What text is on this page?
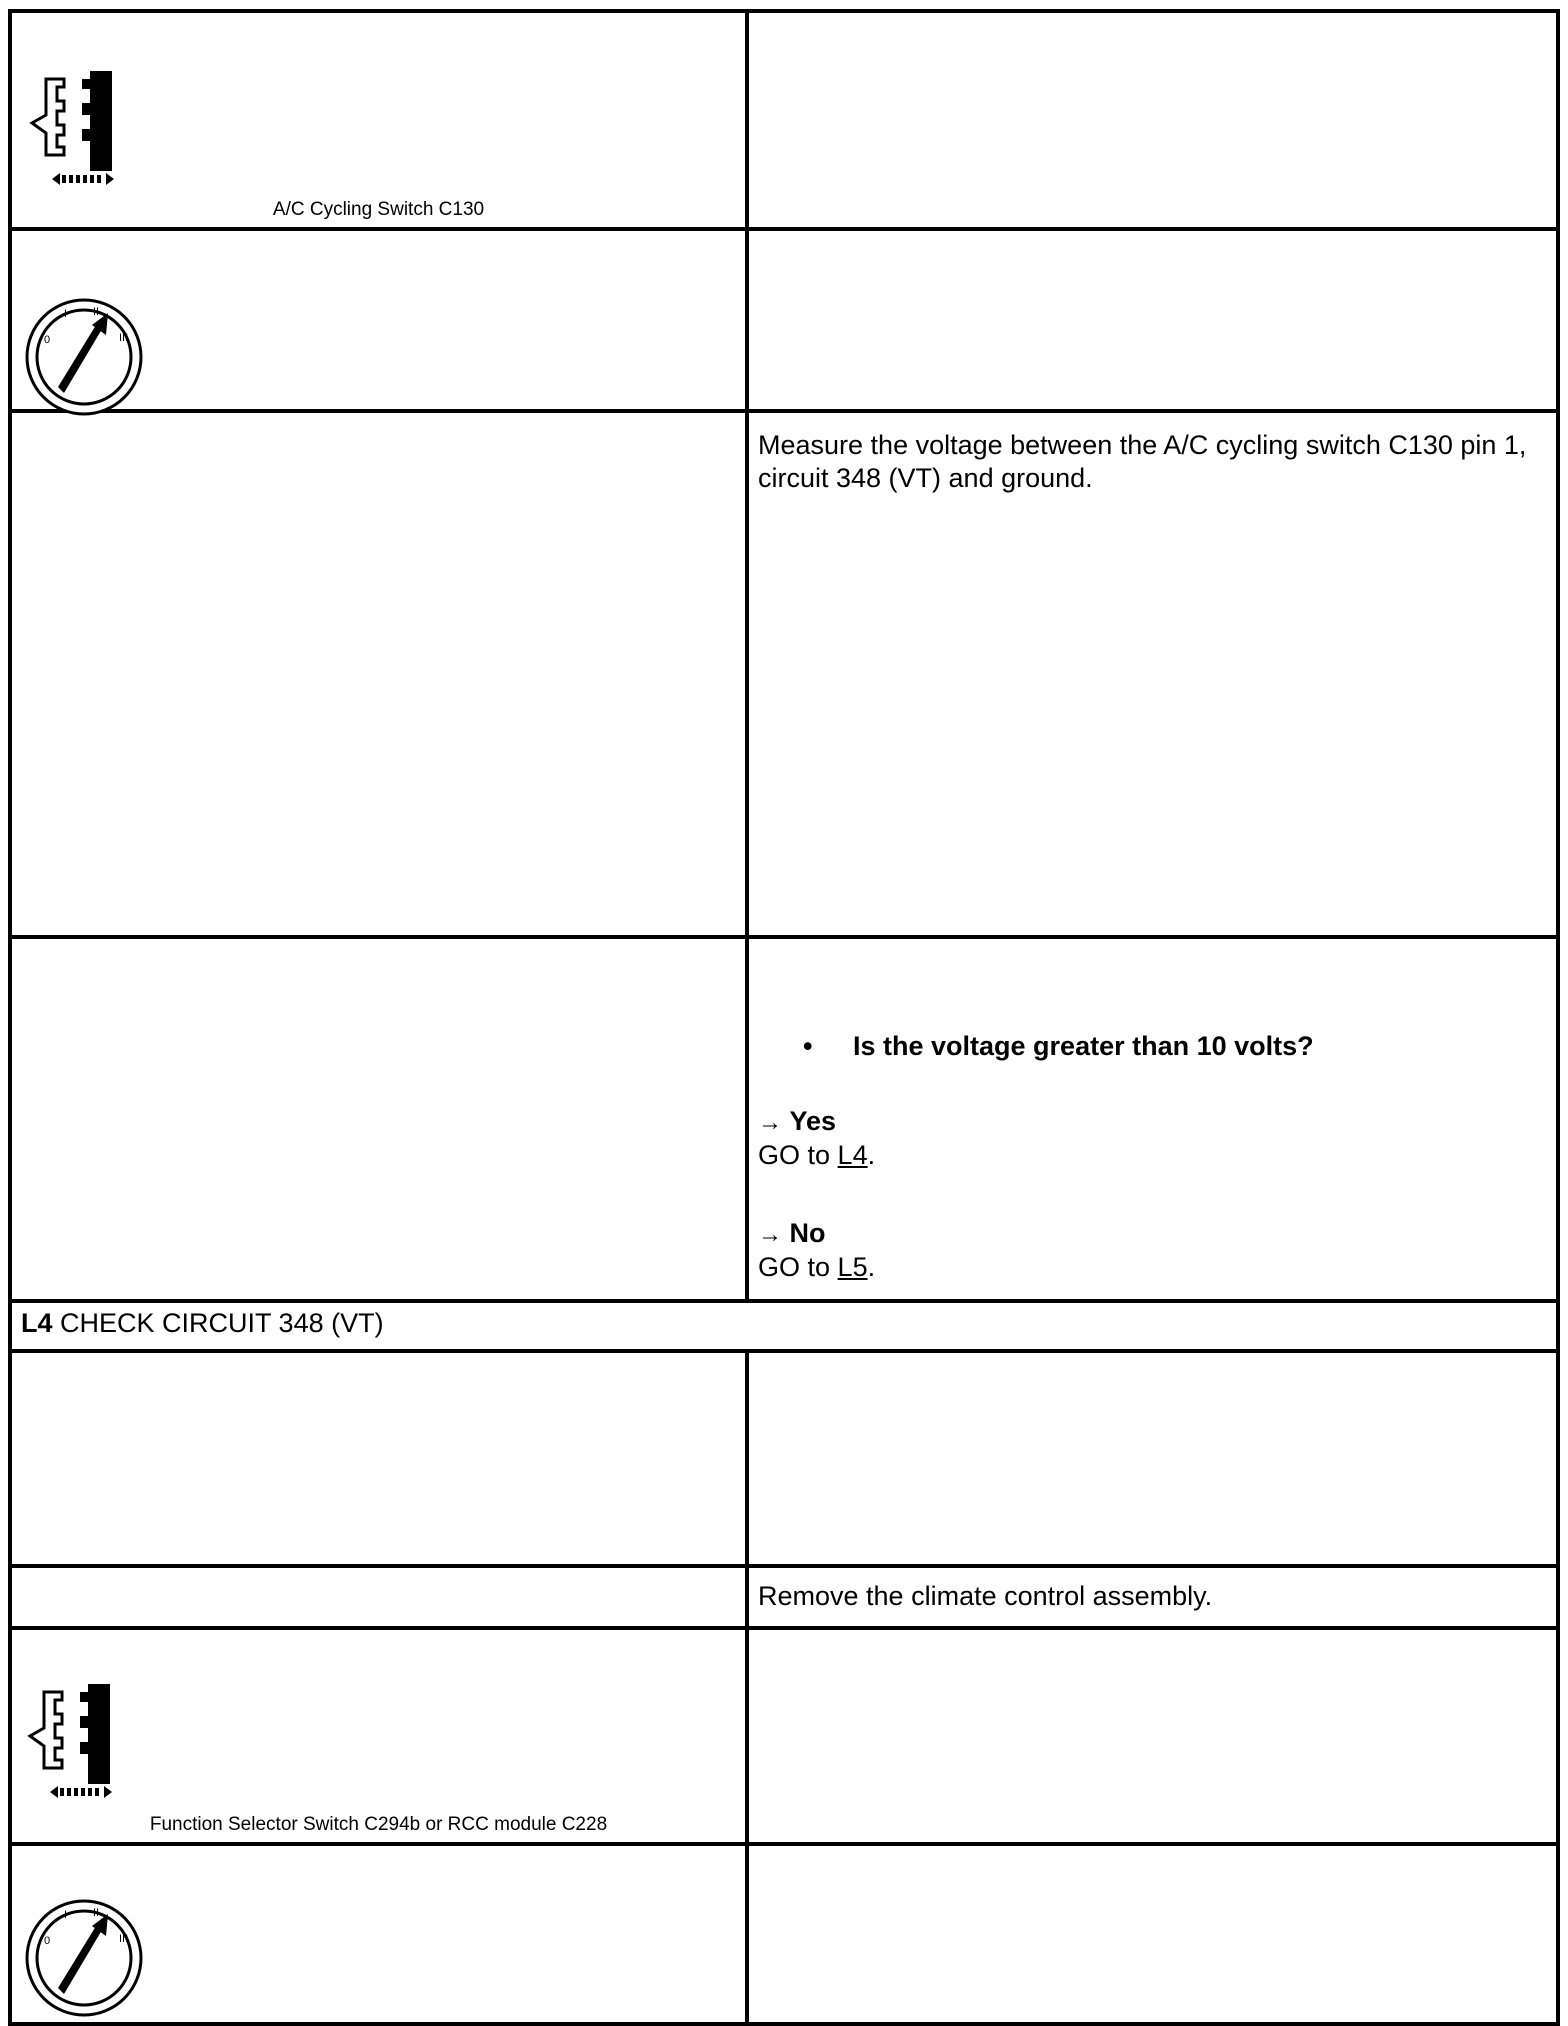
A/C Cycling Switch C130	

0
I II
III	

	Measure the voltage between the A/C cycling switch C130 pin 1, circuit 348 (VT) and ground.

	• Is the voltage greater than 10 volts?
→ Yes
GO to L4.
→ No
GO to L5.

L4 CHECK CIRCUIT 348 (VT)	

	Remove the climate control assembly.

Function Selector Switch C294b or RCC module C228	

0
I II
III	
